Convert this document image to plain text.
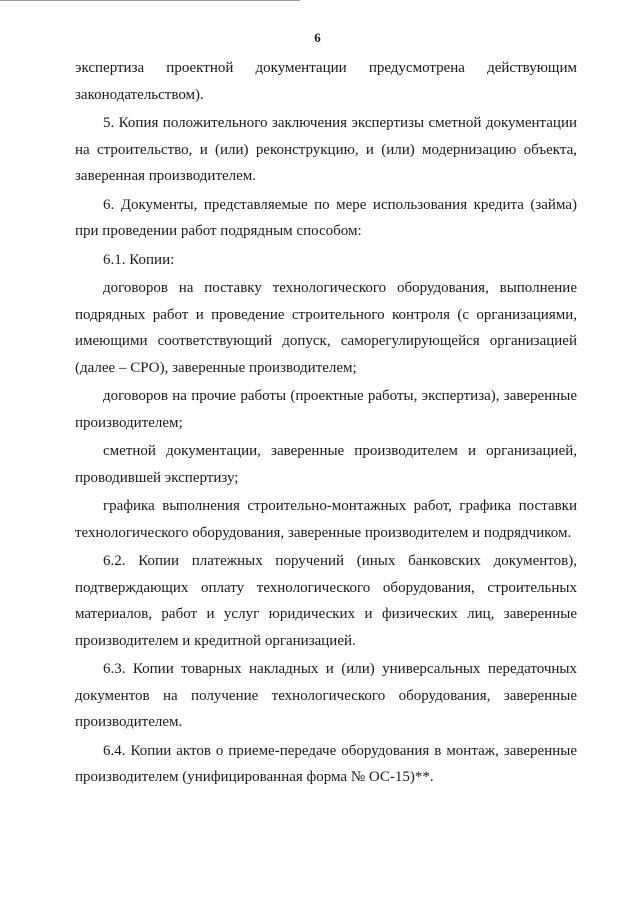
6

экспертиза проектной документации предусмотрена действующим законодательством).

5. Копия положительного заключения экспертизы сметной документации на строительство, и (или) реконструкцию, и (или) модернизацию объекта, заверенная производителем.

6. Документы, представляемые по мере использования кредита (займа) при проведении работ подрядным способом:

6.1. Копии:

договоров на поставку технологического оборудования, выполнение подрядных работ и проведение строительного контроля (с организациями, имеющими соответствующий допуск, саморегулирующейся организацией (далее – СРО), заверенные производителем;

договоров на прочие работы (проектные работы, экспертиза), заверенные производителем;

сметной документации, заверенные производителем и организацией, проводившей экспертизу;

графика выполнения строительно-монтажных работ, графика поставки технологического оборудования, заверенные производителем и подрядчиком.

6.2. Копии платежных поручений (иных банковских документов), подтверждающих оплату технологического оборудования, строительных материалов, работ и услуг юридических и физических лиц, заверенные производителем и кредитной организацией.

6.3. Копии товарных накладных и (или) универсальных передаточных документов на получение технологического оборудования, заверенные производителем.

6.4. Копии актов о приеме-передаче оборудования в монтаж, заверенные производителем (унифицированная форма № ОС-15)**.
